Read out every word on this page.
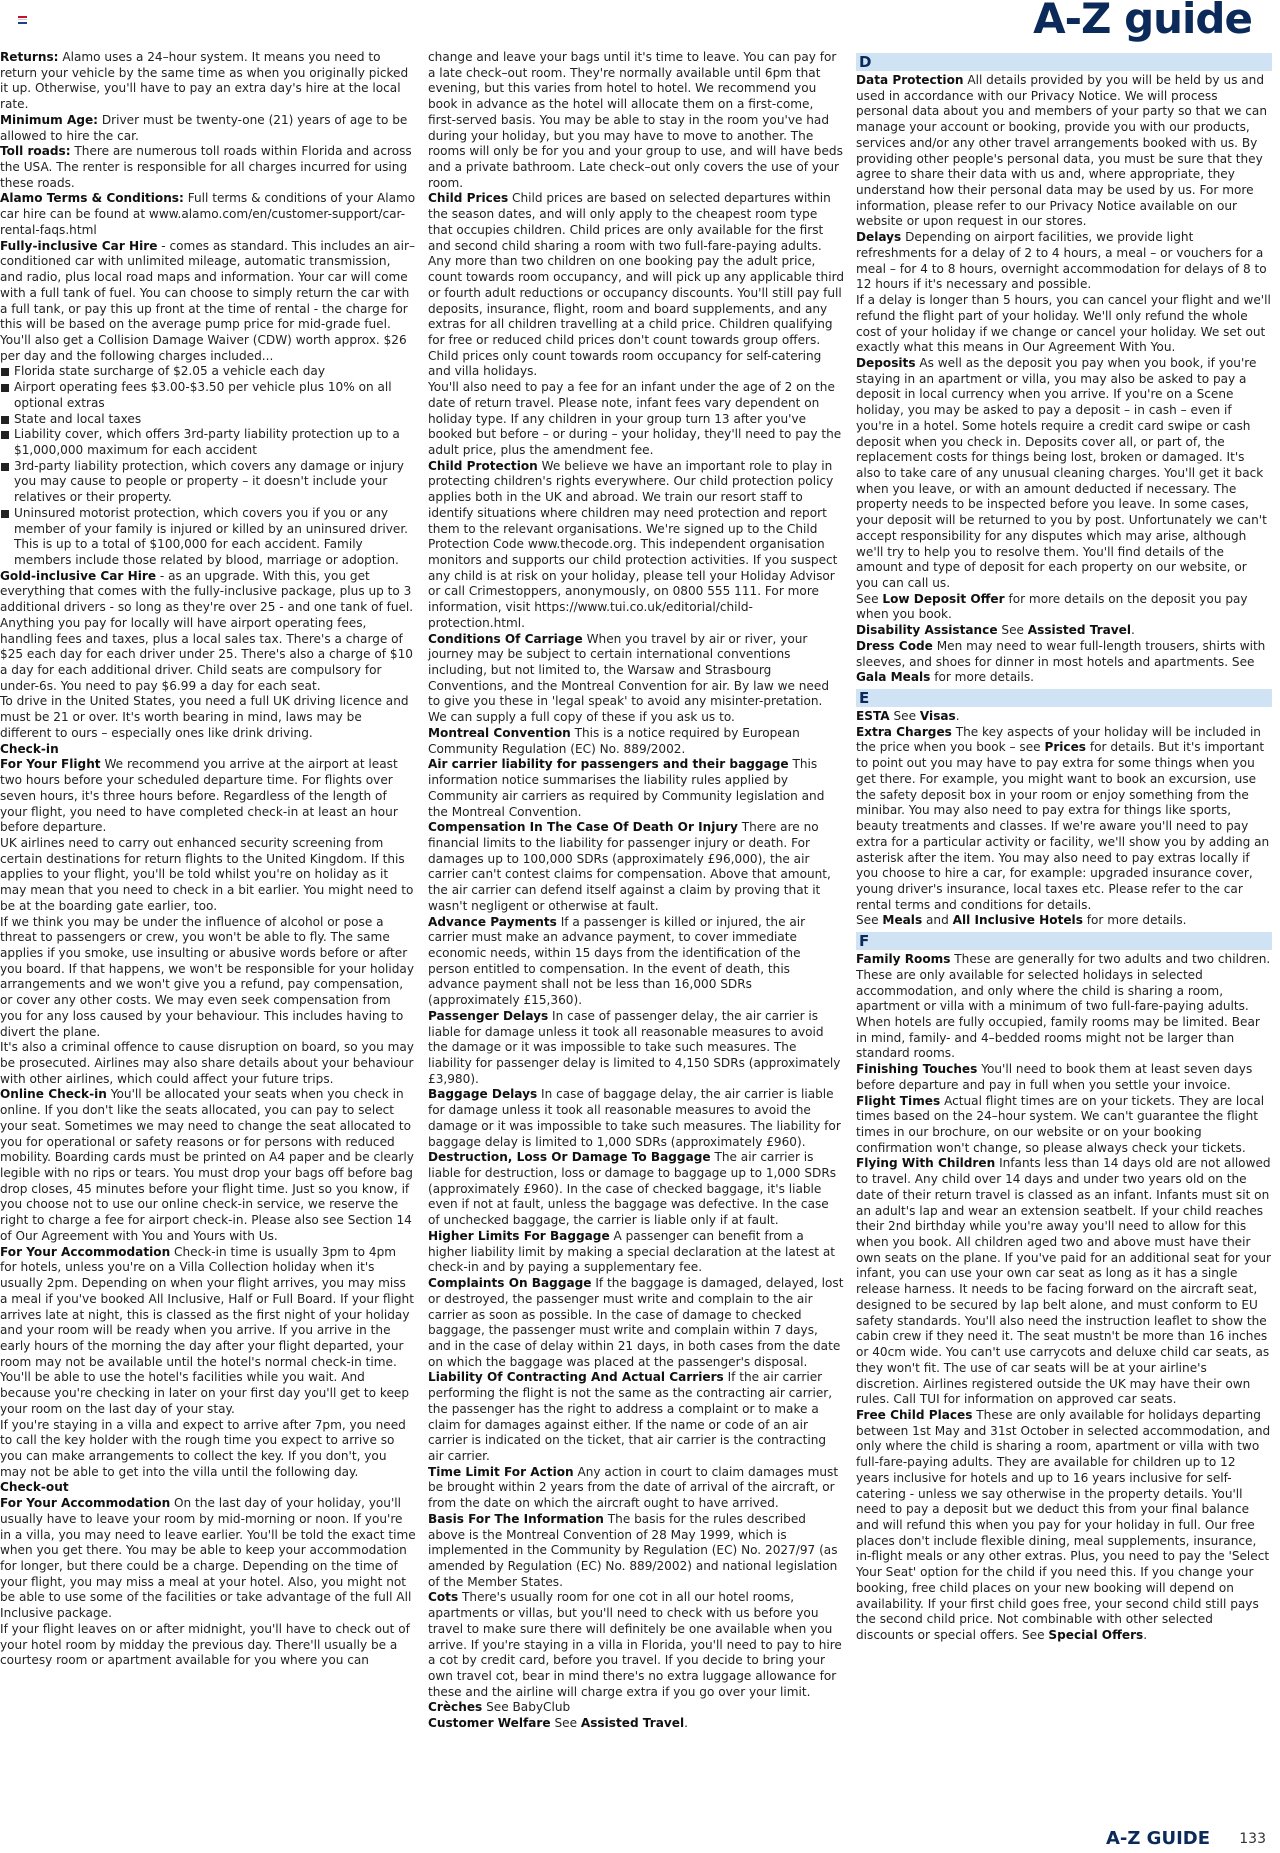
A-Z guide

Returns: Alamo uses a 24–hour system. It means you need to return your vehicle by the same time as when you originally picked it up. Otherwise, you'll have to pay an extra day's hire at the local rate.

Minimum Age: Driver must be twenty-one (21) years of age to be allowed to hire the car.

Toll roads: There are numerous toll roads within Florida and across the USA. The renter is responsible for all charges incurred for using these roads.

Alamo Terms & Conditions: Full terms & conditions of your Alamo car hire can be found at www.alamo.com/en/customer-support/car-rental-faqs.html

Fully-inclusive Car Hire - comes as standard. This includes an air–conditioned car with unlimited mileage, automatic transmission, and radio, plus local road maps and information. Your car will come with a full tank of fuel. You can choose to simply return the car with a full tank, or pay this up front at the time of rental - the charge for this will be based on the average pump price for mid-grade fuel. You'll also get a Collision Damage Waiver (CDW) worth approx. $26 per day and the following charges included...

Florida state surcharge of $2.05 a vehicle each day
Airport operating fees $3.00-$3.50 per vehicle plus 10% on all optional extras
State and local taxes
Liability cover, which offers 3rd-party liability protection up to a $1,000,000 maximum for each accident
3rd-party liability protection, which covers any damage or injury you may cause to people or property – it doesn't include your relatives or their property.
Uninsured motorist protection, which covers you if you or any member of your family is injured or killed by an uninsured driver. This is up to a total of $100,000 for each accident. Family members include those related by blood, marriage or adoption.

Gold-inclusive Car Hire - as an upgrade. With this, you get everything that comes with the fully-inclusive package, plus up to 3 additional drivers - so long as they're over 25 - and one tank of fuel.

Anything you pay for locally will have airport operating fees, handling fees and taxes, plus a local sales tax. There's a charge of $25 each day for each driver under 25. There's also a charge of $10 a day for each additional driver. Child seats are compulsory for under-6s. You need to pay $6.99 a day for each seat.

To drive in the United States, you need a full UK driving licence and must be 21 or over. It's worth bearing in mind, laws may be different to ours – especially ones like drink driving.

Check-in

For Your Flight We recommend you arrive at the airport at least two hours before your scheduled departure time. For flights over seven hours, it's three hours before. Regardless of the length of your flight, you need to have completed check-in at least an hour before departure.

UK airlines need to carry out enhanced security screening from certain destinations for return flights to the United Kingdom. If this applies to your flight, you'll be told whilst you're on holiday as it may mean that you need to check in a bit earlier. You might need to be at the boarding gate earlier, too.

If we think you may be under the influence of alcohol or pose a threat to passengers or crew, you won't be able to fly. The same applies if you smoke, use insulting or abusive words before or after you board. If that happens, we won't be responsible for your holiday arrangements and we won't give you a refund, pay compensation, or cover any other costs. We may even seek compensation from you for any loss caused by your behaviour. This includes having to divert the plane.

It's also a criminal offence to cause disruption on board, so you may be prosecuted. Airlines may also share details about your behaviour with other airlines, which could affect your future trips.

Online Check-in You'll be allocated your seats when you check in online. If you don't like the seats allocated, you can pay to select your seat. Sometimes we may need to change the seat allocated to you for operational or safety reasons or for persons with reduced mobility. Boarding cards must be printed on A4 paper and be clearly legible with no rips or tears. You must drop your bags off before bag drop closes, 45 minutes before your flight time. Just so you know, if you choose not to use our online check-in service, we reserve the right to charge a fee for airport check-in. Please also see Section 14 of Our Agreement with You and Yours with Us.

For Your Accommodation Check-in time is usually 3pm to 4pm for hotels, unless you're on a Villa Collection holiday when it's usually 2pm. Depending on when your flight arrives, you may miss a meal if you've booked All Inclusive, Half or Full Board. If your flight arrives late at night, this is classed as the first night of your holiday and your room will be ready when you arrive. If you arrive in the early hours of the morning the day after your flight departed, your room may not be available until the hotel's normal check-in time. You'll be able to use the hotel's facilities while you wait. And because you're checking in later on your first day you'll get to keep your room on the last day of your stay.

If you're staying in a villa and expect to arrive after 7pm, you need to call the key holder with the rough time you expect to arrive so you can make arrangements to collect the key. If you don't, you may not be able to get into the villa until the following day.

Check-out

For Your Accommodation On the last day of your holiday, you'll usually have to leave your room by mid-morning or noon. If you're in a villa, you may need to leave earlier. You'll be told the exact time when you get there. You may be able to keep your accommodation for longer, but there could be a charge. Depending on the time of your flight, you may miss a meal at your hotel. Also, you might not be able to use some of the facilities or take advantage of the full All Inclusive package.

If your flight leaves on or after midnight, you'll have to check out of your hotel room by midday the previous day. There'll usually be a courtesy room or apartment available for you where you can

change and leave your bags until it's time to leave. You can pay for a late check–out room. They're normally available until 6pm that evening, but this varies from hotel to hotel. We recommend you book in advance as the hotel will allocate them on a first-come, first-served basis. You may be able to stay in the room you've had during your holiday, but you may have to move to another. The rooms will only be for you and your group to use, and will have beds and a private bathroom. Late check–out only covers the use of your room.

Child Prices Child prices are based on selected departures within the season dates, and will only apply to the cheapest room type that occupies children. Child prices are only available for the first and second child sharing a room with two full-fare-paying adults. Any more than two children on one booking pay the adult price, count towards room occupancy, and will pick up any applicable third or fourth adult reductions or occupancy discounts. You'll still pay full deposits, insurance, flight, room and board supplements, and any extras for all children travelling at a child price. Children qualifying for free or reduced child prices don't count towards group offers. Child prices only count towards room occupancy for self-catering and villa holidays.

You'll also need to pay a fee for an infant under the age of 2 on the date of return travel. Please note, infant fees vary dependent on holiday type. If any children in your group turn 13 after you've booked but before – or during – your holiday, they'll need to pay the adult price, plus the amendment fee.

Child Protection We believe we have an important role to play in protecting children's rights everywhere. Our child protection policy applies both in the UK and abroad. We train our resort staff to identify situations where children may need protection and report them to the relevant organisations. We're signed up to the Child Protection Code www.thecode.org. This independent organisation monitors and supports our child protection activities. If you suspect any child is at risk on your holiday, please tell your Holiday Advisor or call Crimestoppers, anonymously, on 0800 555 111. For more information, visit https://www.tui.co.uk/editorial/child-protection.html.

Conditions Of Carriage When you travel by air or river, your journey may be subject to certain international conventions including, but not limited to, the Warsaw and Strasbourg Conventions, and the Montreal Convention for air. By law we need to give you these in 'legal speak' to avoid any misinter-pretation. We can supply a full copy of these if you ask us to.

Montreal Convention This is a notice required by European Community Regulation (EC) No. 889/2002.

Air carrier liability for passengers and their baggage This information notice summarises the liability rules applied by Community air carriers as required by Community legislation and the Montreal Convention.

Compensation In The Case Of Death Or Injury There are no financial limits to the liability for passenger injury or death. For damages up to 100,000 SDRs (approximately £96,000), the air carrier can't contest claims for compensation. Above that amount, the air carrier can defend itself against a claim by proving that it wasn't negligent or otherwise at fault.

Advance Payments If a passenger is killed or injured, the air carrier must make an advance payment, to cover immediate economic needs, within 15 days from the identification of the person entitled to compensation. In the event of death, this advance payment shall not be less than 16,000 SDRs (approximately £15,360).

Passenger Delays In case of passenger delay, the air carrier is liable for damage unless it took all reasonable measures to avoid the damage or it was impossible to take such measures. The liability for passenger delay is limited to 4,150 SDRs (approximately £3,980).

Baggage Delays In case of baggage delay, the air carrier is liable for damage unless it took all reasonable measures to avoid the damage or it was impossible to take such measures. The liability for baggage delay is limited to 1,000 SDRs (approximately £960).

Destruction, Loss Or Damage To Baggage The air carrier is liable for destruction, loss or damage to baggage up to 1,000 SDRs (approximately £960). In the case of checked baggage, it's liable even if not at fault, unless the baggage was defective. In the case of unchecked baggage, the carrier is liable only if at fault.

Higher Limits For Baggage A passenger can benefit from a higher liability limit by making a special declaration at the latest at check-in and by paying a supplementary fee.

Complaints On Baggage If the baggage is damaged, delayed, lost or destroyed, the passenger must write and complain to the air carrier as soon as possible. In the case of damage to checked baggage, the passenger must write and complain within 7 days, and in the case of delay within 21 days, in both cases from the date on which the baggage was placed at the passenger's disposal.

Liability Of Contracting And Actual Carriers If the air carrier performing the flight is not the same as the contracting air carrier, the passenger has the right to address a complaint or to make a claim for damages against either. If the name or code of an air carrier is indicated on the ticket, that air carrier is the contracting air carrier.

Time Limit For Action Any action in court to claim damages must be brought within 2 years from the date of arrival of the aircraft, or from the date on which the aircraft ought to have arrived.

Basis For The Information The basis for the rules described above is the Montreal Convention of 28 May 1999, which is implemented in the Community by Regulation (EC) No. 2027/97 (as amended by Regulation (EC) No. 889/2002) and national legislation of the Member States.

Cots There's usually room for one cot in all our hotel rooms, apartments or villas, but you'll need to check with us before you travel to make sure there will definitely be one available when you arrive. If you're staying in a villa in Florida, you'll need to pay to hire a cot by credit card, before you travel. If you decide to bring your own travel cot, bear in mind there's no extra luggage allowance for these and the airline will charge extra if you go over your limit.

Crèches See BabyClub

Customer Welfare See Assisted Travel.

D

Data Protection All details provided by you will be held by us and used in accordance with our Privacy Notice. We will process personal data about you and members of your party so that we can manage your account or booking, provide you with our products, services and/or any other travel arrangements booked with us. By providing other people's personal data, you must be sure that they agree to share their data with us and, where appropriate, they understand how their personal data may be used by us. For more information, please refer to our Privacy Notice available on our website or upon request in our stores.

Delays Depending on airport facilities, we provide light refreshments for a delay of 2 to 4 hours, a meal – or vouchers for a meal – for 4 to 8 hours, overnight accommodation for delays of 8 to 12 hours if it's necessary and possible.

If a delay is longer than 5 hours, you can cancel your flight and we'll refund the flight part of your holiday. We'll only refund the whole cost of your holiday if we change or cancel your holiday. We set out exactly what this means in Our Agreement With You.

Deposits As well as the deposit you pay when you book, if you're staying in an apartment or villa, you may also be asked to pay a deposit in local currency when you arrive. If you're on a Scene holiday, you may be asked to pay a deposit – in cash – even if you're in a hotel. Some hotels require a credit card swipe or cash deposit when you check in. Deposits cover all, or part of, the replacement costs for things being lost, broken or damaged. It's also to take care of any unusual cleaning charges. You'll get it back when you leave, or with an amount deducted if necessary. The property needs to be inspected before you leave. In some cases, your deposit will be returned to you by post. Unfortunately we can't accept responsibility for any disputes which may arise, although we'll try to help you to resolve them. You'll find details of the amount and type of deposit for each property on our website, or you can call us.

See Low Deposit Offer for more details on the deposit you pay when you book.

Disability Assistance See Assisted Travel.

Dress Code Men may need to wear full-length trousers, shirts with sleeves, and shoes for dinner in most hotels and apartments. See Gala Meals for more details.

E

ESTA See Visas.

Extra Charges The key aspects of your holiday will be included in the price when you book – see Prices for details. But it's important to point out you may have to pay extra for some things when you get there. For example, you might want to book an excursion, use the safety deposit box in your room or enjoy something from the minibar. You may also need to pay extra for things like sports, beauty treatments and classes. If we're aware you'll need to pay extra for a particular activity or facility, we'll show you by adding an asterisk after the item. You may also need to pay extras locally if you choose to hire a car, for example: upgraded insurance cover, young driver's insurance, local taxes etc. Please refer to the car rental terms and conditions for details.

See Meals and All Inclusive Hotels for more details.

F

Family Rooms These are generally for two adults and two children. These are only available for selected holidays in selected accommodation, and only where the child is sharing a room, apartment or villa with a minimum of two full-fare-paying adults. When hotels are fully occupied, family rooms may be limited. Bear in mind, family- and 4–bedded rooms might not be larger than standard rooms.

Finishing Touches You'll need to book them at least seven days before departure and pay in full when you settle your invoice.

Flight Times Actual flight times are on your tickets. They are local times based on the 24–hour system. We can't guarantee the flight times in our brochure, on our website or on your booking confirmation won't change, so please always check your tickets.

Flying With Children Infants less than 14 days old are not allowed to travel. Any child over 14 days and under two years old on the date of their return travel is classed as an infant. Infants must sit on an adult's lap and wear an extension seatbelt. If your child reaches their 2nd birthday while you're away you'll need to allow for this when you book. All children aged two and above must have their own seats on the plane. If you've paid for an additional seat for your infant, you can use your own car seat as long as it has a single release harness. It needs to be facing forward on the aircraft seat, designed to be secured by lap belt alone, and must conform to EU safety standards. You'll also need the instruction leaflet to show the cabin crew if they need it. The seat mustn't be more than 16 inches or 40cm wide. You can't use carrycots and deluxe child car seats, as they won't fit. The use of car seats will be at your airline's discretion. Airlines registered outside the UK may have their own rules. Call TUI for information on approved car seats.

Free Child Places These are only available for holidays departing between 1st May and 31st October in selected accommodation, and only where the child is sharing a room, apartment or villa with two full-fare-paying adults. They are available for children up to 12 years inclusive for hotels and up to 16 years inclusive for self-catering - unless we say otherwise in the property details. You'll need to pay a deposit but we deduct this from your final balance and will refund this when you pay for your holiday in full. Our free places don't include flexible dining, meal supplements, insurance, in-flight meals or any other extras. Plus, you need to pay the 'Select Your Seat' option for the child if you need this. If you change your booking, free child places on your new booking will depend on availability. If your first child goes free, your second child still pays the second child price. Not combinable with other selected discounts or special offers. See Special Offers.

A-Z GUIDE 133
